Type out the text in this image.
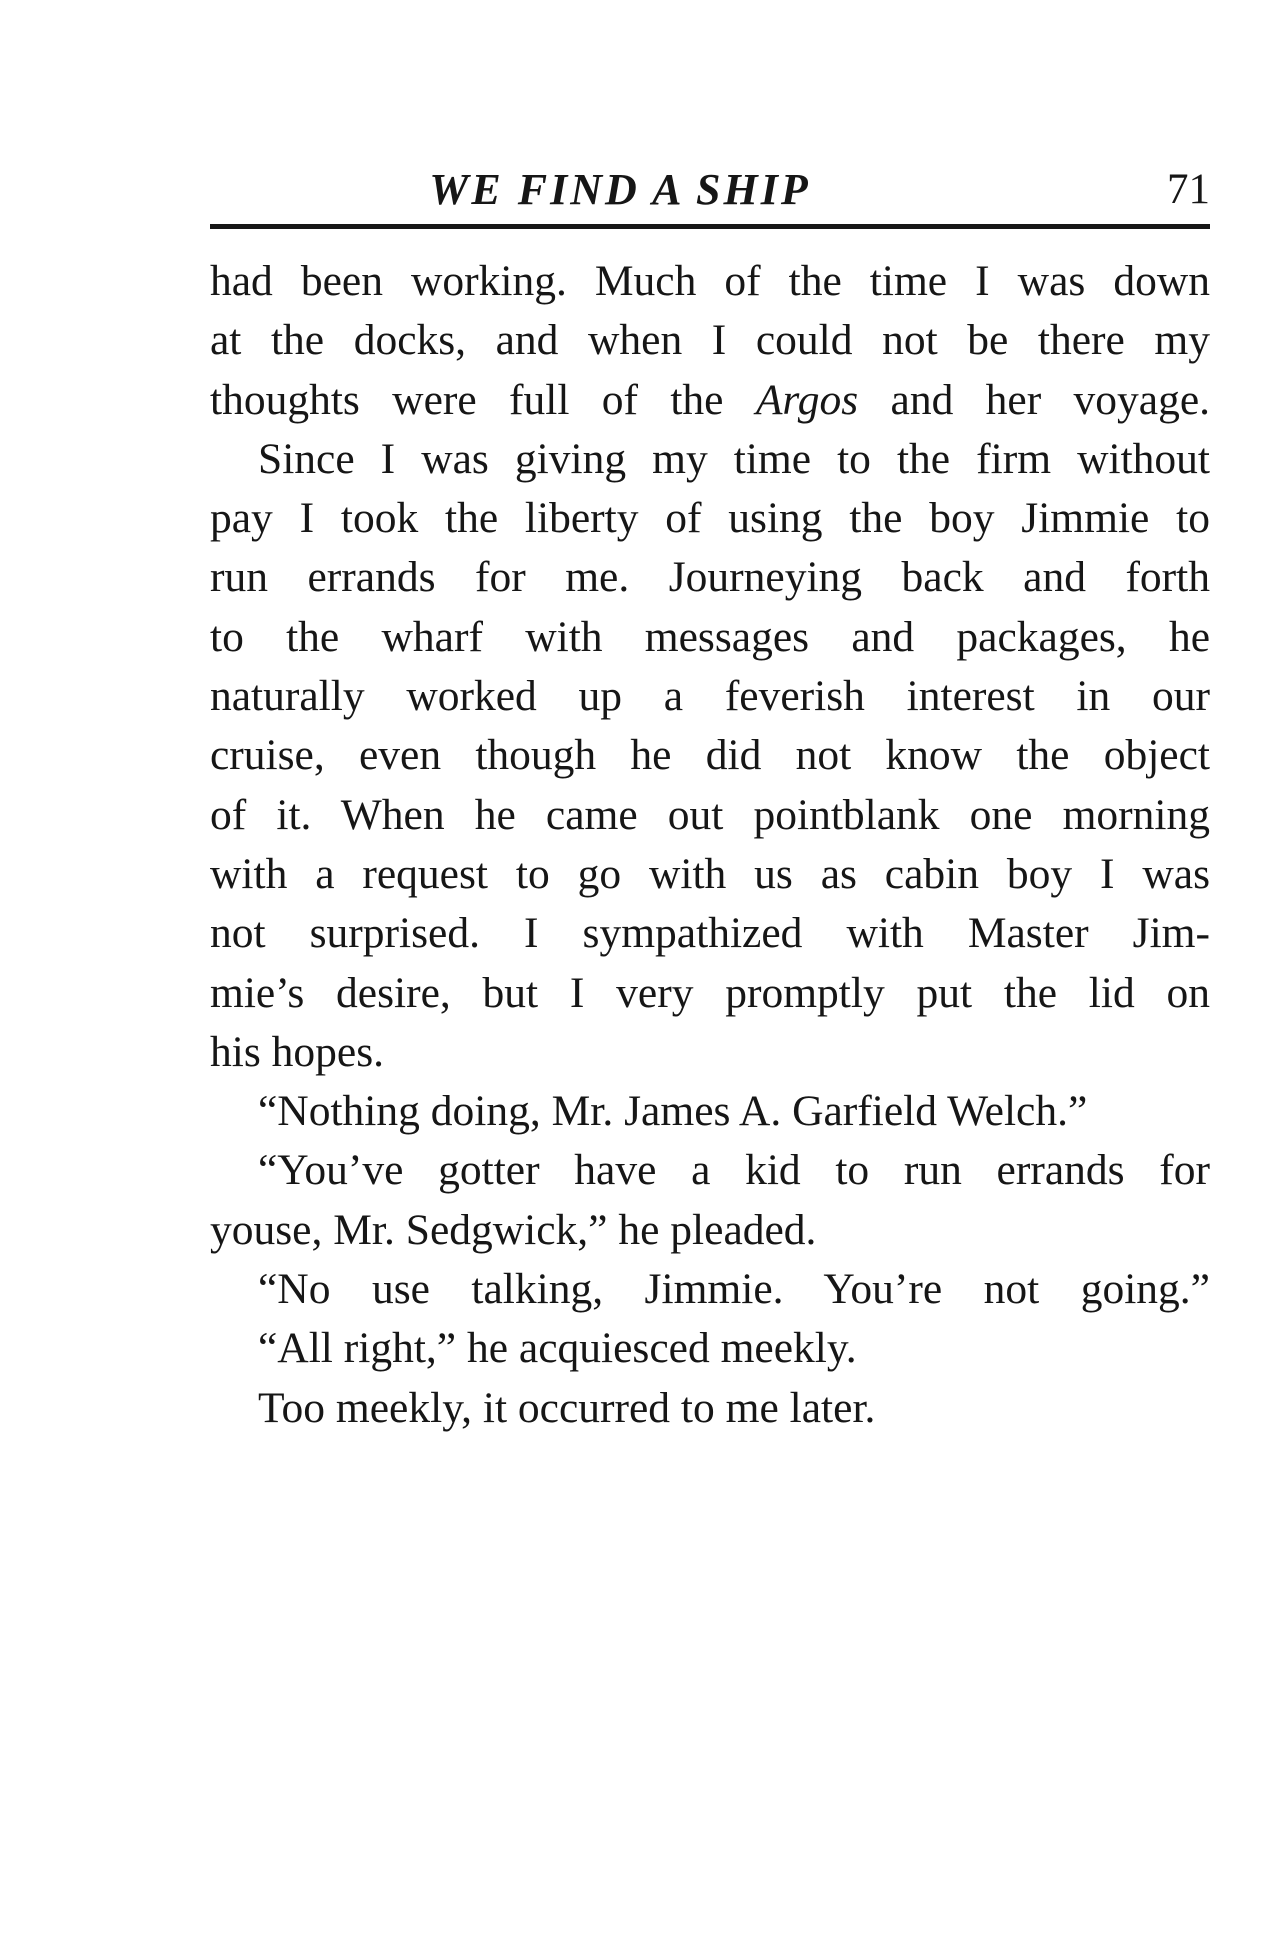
WE FIND A SHIP	71
had been working. Much of the time I was down
at the docks, and when I could not be there my
thoughts were full of the Argos and her voyage.
Since I was giving my time to the firm without
pay I took the liberty of using the boy Jimmie to
run errands for me. Journeying back and forth
to the wharf with messages and packages, he
naturally worked up a feverish interest in our
cruise, even though he did not know the object
of it. When he came out pointblank one morning
with a request to go with us as cabin boy I was
not surprised. I sympathized with Master Jim-
mie’s desire, but I very promptly put the lid on
his hopes.
“Nothing doing, Mr. James A. Garfield Welch.”
“You’ve gotter have a kid to run errands for
youse, Mr. Sedgwick,” he pleaded.
“No use talking, Jimmie. You’re not going.”
“All right,” he acquiesced meekly.
Too meekly, it occurred to me later.
